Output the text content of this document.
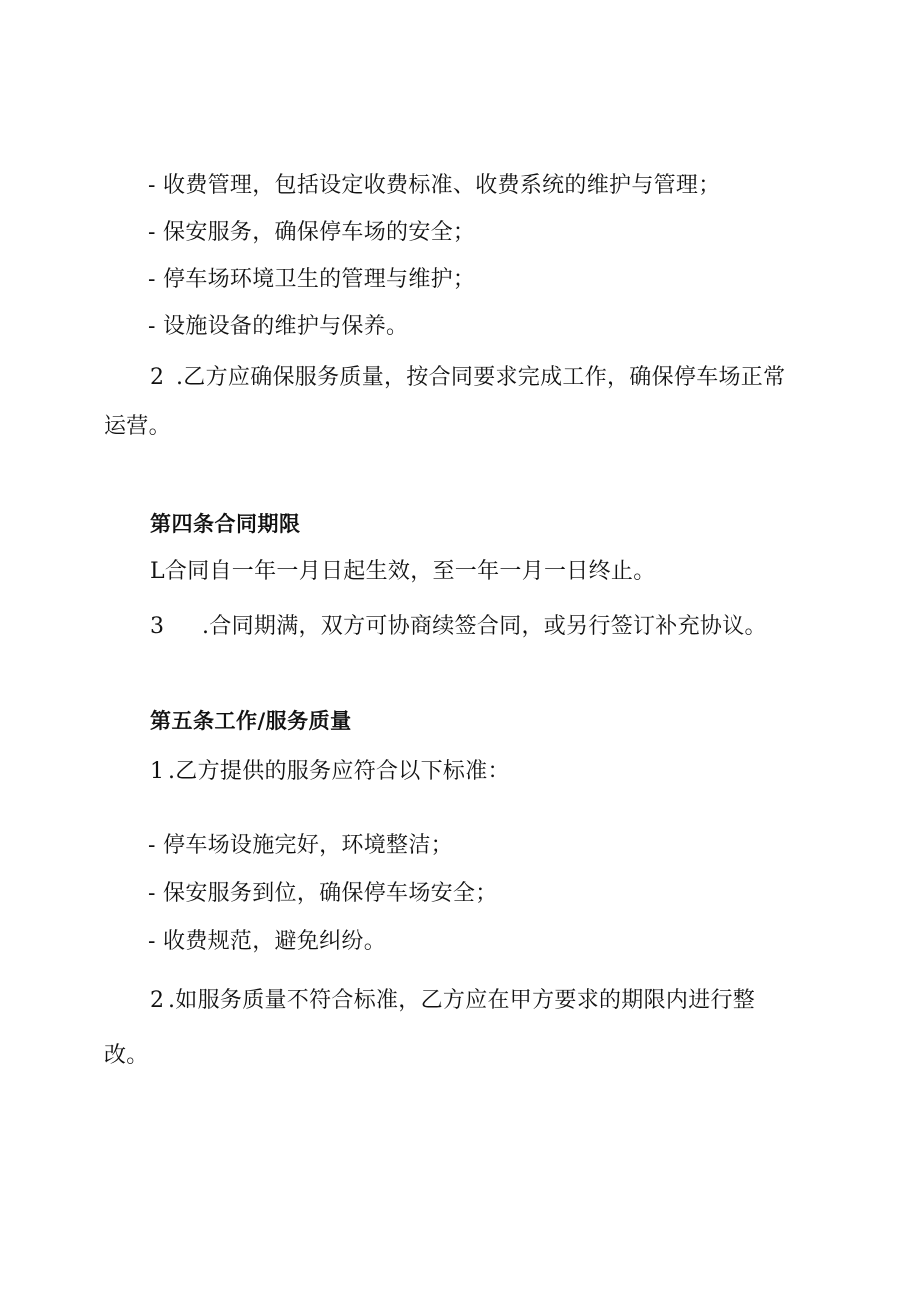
- 收费管理，包括设定收费标准、收费系统的维护与管理；
- 保安服务，确保停车场的安全；
- 停车场环境卫生的管理与维护；
- 设施设备的维护与保养。
2 .乙方应确保服务质量，按合同要求完成工作，确保停车场正常
运营。
第四条合同期限
L合同自一年一月日起生效，至一年一月一日终止。
3 .合同期满，双方可协商续签合同，或另行签订补充协议。
第五条工作/服务质量
1 .乙方提供的服务应符合以下标准：
- 停车场设施完好，环境整洁；
- 保安服务到位，确保停车场安全；
- 收费规范，避免纠纷。
2 .如服务质量不符合标准，乙方应在甲方要求的期限内进行整
改。
